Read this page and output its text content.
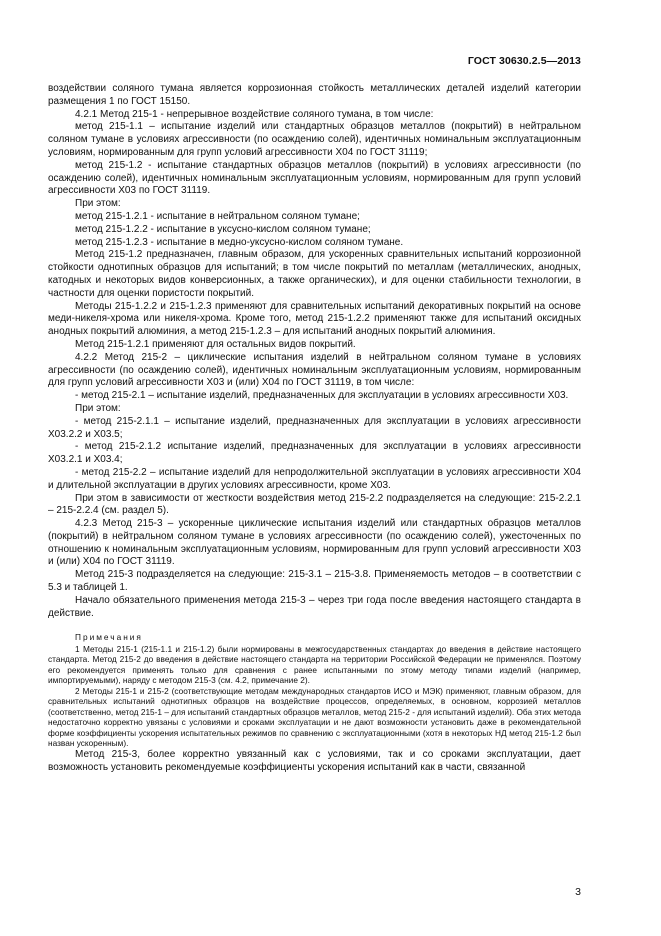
ГОСТ 30630.2.5—2013

воздействии соляного тумана является коррозионная стойкость металлических деталей изделий категории размещения 1 по ГОСТ 15150.

4.2.1 Метод 215-1 - непрерывное воздействие соляного тумана, в том числе:

метод 215-1.1 – испытание изделий или стандартных образцов металлов (покрытий) в нейтральном соляном тумане в условиях агрессивности (по осаждению солей), идентичных номинальным эксплуатационным условиям, нормированным для групп условий агрессивности Х04 по ГОСТ 31119;

метод 215-1.2 - испытание стандартных образцов металлов (покрытий) в условиях агрессивности (по осаждению солей), идентичных номинальным эксплуатационным условиям, нормированным для групп условий агрессивности Х03 по ГОСТ 31119.

При этом:

метод 215-1.2.1 - испытание в нейтральном соляном тумане;

метод 215-1.2.2 - испытание в уксусно-кислом соляном тумане;

метод 215-1.2.3 - испытание в медно-уксусно-кислом соляном тумане.

Метод 215-1.2 предназначен, главным образом, для ускоренных сравнительных испытаний коррозионной стойкости однотипных образцов для испытаний; в том числе покрытий по металлам (металлических, анодных, катодных и некоторых видов конверсионных, а также органических), и для оценки стабильности технологии, в частности для оценки пористости покрытий.

Методы 215-1.2.2 и 215-1.2.3 применяют для сравнительных испытаний декоративных покрытий на основе меди-никеля-хрома или никеля-хрома. Кроме того, метод 215-1.2.2 применяют также для испытаний оксидных анодных покрытий алюминия, а метод 215-1.2.3 – для испытаний анодных покрытий алюминия.

Метод 215-1.2.1 применяют для остальных видов покрытий.

4.2.2 Метод 215-2 – циклические испытания изделий в нейтральном соляном тумане в условиях агрессивности (по осаждению солей), идентичных номинальным эксплуатационным условиям, нормированным для групп условий агрессивности Х03 и (или) Х04 по ГОСТ 31119, в том числе:

- метод 215-2.1 – испытание изделий, предназначенных для эксплуатации в условиях агрессивности Х03.

При этом:

- метод 215-2.1.1 – испытание изделий, предназначенных для эксплуатации в условиях агрессивности Х03.2.2 и Х03.5;

- метод 215-2.1.2 испытание изделий, предназначенных для эксплуатации в условиях агрессивности Х03.2.1 и Х03.4;

- метод 215-2.2 – испытание изделий для непродолжительной эксплуатации в условиях агрессивности Х04 и длительной эксплуатации в других условиях агрессивности, кроме Х03.

При этом в зависимости от жесткости воздействия метод 215-2.2 подразделяется на следующие: 215-2.2.1 – 215-2.2.4 (см. раздел 5).

4.2.3 Метод 215-3 – ускоренные циклические испытания изделий или стандартных образцов металлов (покрытий) в нейтральном соляном тумане в условиях агрессивности (по осаждению солей), ужесточенных по отношению к номинальным эксплуатационным условиям, нормированным для групп условий агрессивности Х03 и (или) Х04 по ГОСТ 31119.

Метод 215-3 подразделяется на следующие: 215-3.1 – 215-3.8. Применяемость методов – в соответствии с 5.3 и таблицей 1.

Начало обязательного применения метода 215-3 – через три года после введения настоящего стандарта в действие.

Примечания

1 Методы 215-1 (215-1.1 и 215-1.2) были нормированы в межгосударственных стандартах до введения в действие настоящего стандарта. Метод 215-2 до введения в действие настоящего стандарта на территории Российской Федерации не применялся. Поэтому его рекомендуется применять только для сравнения с ранее испытанными по этому методу типами изделий (например, импортируемыми), наряду с методом 215-3 (см. 4.2, примечание 2).

2 Методы 215-1 и 215-2 (соответствующие методам международных стандартов ИСО и МЭК) применяют, главным образом, для сравнительных испытаний однотипных образцов на воздействие процессов, определяемых, в основном, коррозией металлов (соответственно, метод 215-1 – для испытаний стандартных образцов металлов, метод 215-2 - для испытаний изделий). Оба этих метода недостаточно корректно увязаны с условиями и сроками эксплуатации и не дают возможности установить даже в рекомендательной форме коэффициенты ускорения испытательных режимов по сравнению с эксплуатационными (хотя в некоторых НД метод 215-1.2 был назван ускоренным).

Метод 215-3, более корректно увязанный как с условиями, так и со сроками эксплуатации, дает возможность установить рекомендуемые коэффициенты ускорения испытаний как в части, связанной

3
